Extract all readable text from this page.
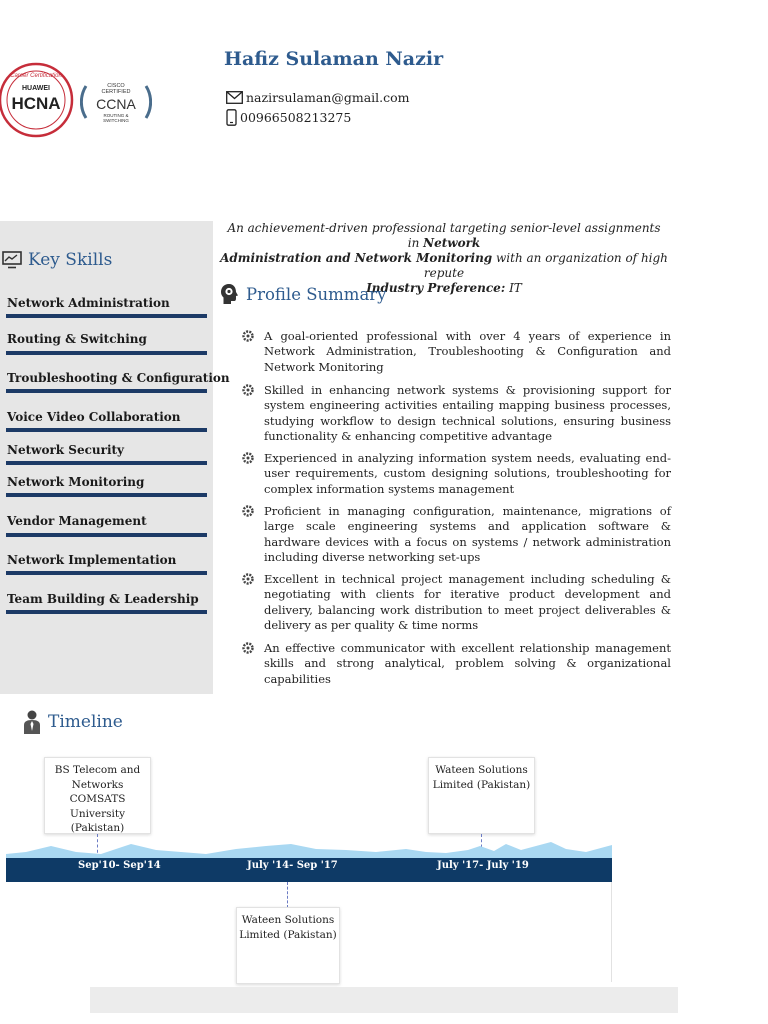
Career Certification
HUAWEI
HCNA
CISCO
CERTIFIED
CCNA
ROUTING &
SWITCHING
Hafiz Sulaman Nazir
nazirsulaman@gmail.com
00966508213275
Key Skills
Network Administration
Routing & Switching
Troubleshooting & Configuration
Voice Video Collaboration
Network Security
Network Monitoring
Vendor Management
Network Implementation
Team Building & Leadership
An achievement-driven professional targeting senior-level assignments in Network
Administration and Network Monitoring with an organization of high repute
Industry Preference: IT
Profile Summary
A goal-oriented professional with over 4 years of experience in Network Administration, Troubleshooting & Configuration and Network Monitoring
Skilled in enhancing network systems & provisioning support for system engineering activities entailing mapping business processes, studying workflow to design technical solutions, ensuring business functionality & enhancing competitive advantage
Experienced in analyzing information system needs, evaluating end-user requirements, custom designing solutions, troubleshooting for complex information systems management
Proficient in managing configuration, maintenance, migrations of large scale engineering systems and application software & hardware devices with a focus on systems / network administration including diverse networking set-ups
Excellent in technical project management including scheduling & negotiating with clients for iterative product development and delivery, balancing work distribution to meet project deliverables & delivery as per quality & time norms
An effective communicator with excellent relationship management skills and strong analytical, problem solving & organizational capabilities
Timeline
BS Telecom and Networks COMSATS University (Pakistan)
Wateen Solutions Limited (Pakistan)
Sep'10- Sep'14	July '14- Sep '17	July '17- July '19
Wateen Solutions Limited (Pakistan)
